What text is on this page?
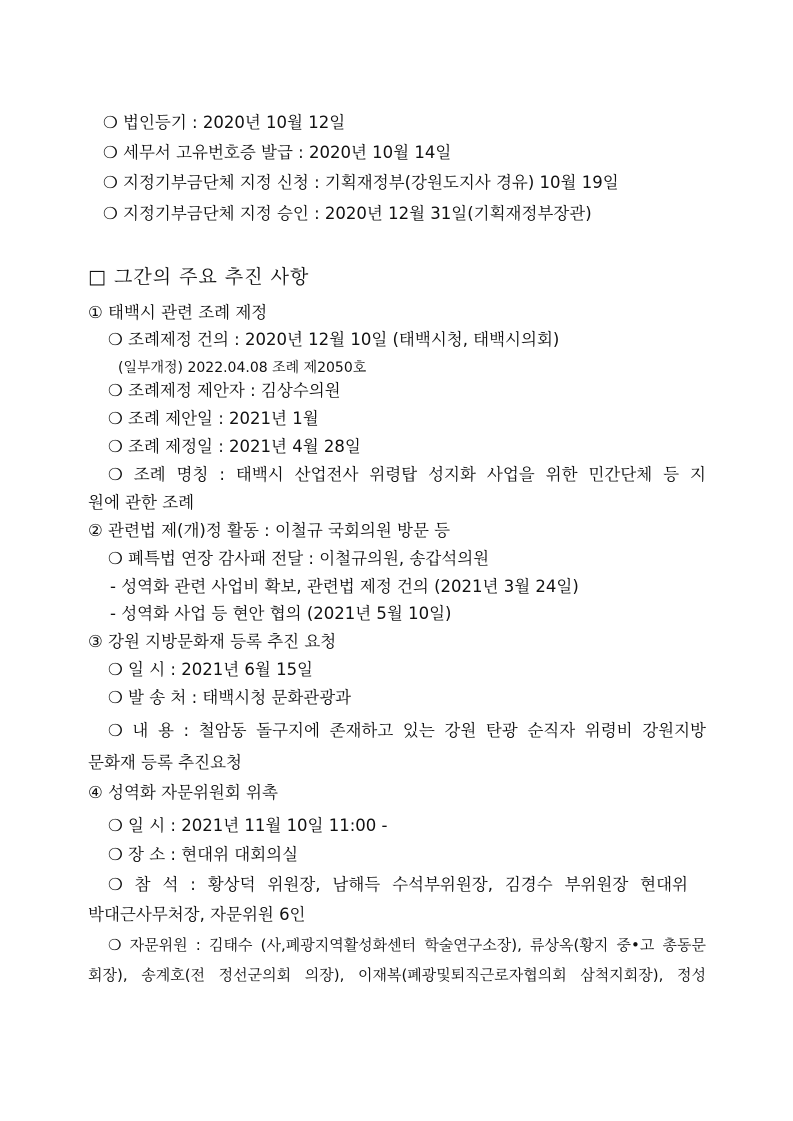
❍ 법인등기 : 2020년 10월 12일
❍ 세무서 고유번호증 발급 : 2020년 10월 14일
❍ 지정기부금단체 지정 신청 : 기획재정부(강원도지사 경유) 10월 19일
❍ 지정기부금단체 지정 승인 : 2020년 12월 31일(기획재정부장관)
□ 그간의 주요 추진 사항
① 태백시 관련 조례 제정
❍ 조례제정 건의 : 2020년 12월 10일 (태백시청, 태백시의회)
(일부개정) 2022.04.08 조례 제2050호
❍ 조례제정 제안자 : 김상수의원
❍ 조례 제안일 : 2021년 1월
❍ 조례 제정일 : 2021년 4월 28일
❍ 조례 명칭 : 태백시 산업전사 위령탑 성지화 사업을 위한 민간단체 등 지
원에 관한 조례
② 관련법 제(개)정 활동 : 이철규 국회의원 방문 등
❍ 폐특법 연장 감사패 전달 : 이철규의원, 송갑석의원
- 성역화 관련 사업비 확보, 관련법 제정 건의 (2021년 3월 24일)
- 성역화 사업 등 현안 협의 (2021년 5월 10일)
③ 강원 지방문화재 등록 추진 요청
❍ 일 시 : 2021년 6월 15일
❍ 발 송 처 : 태백시청 문화관광과
❍ 내 용 : 철암동 돌구지에 존재하고 있는 강원 탄광 순직자 위령비 강원지방
문화재 등록 추진요청
④ 성역화 자문위원회 위촉
❍ 일 시 : 2021년 11월 10일 11:00 -
❍ 장 소 : 현대위 대회의실
❍ 참 석 : 황상덕 위원장, 남해득 수석부위원장, 김경수 부위원장 현대위
박대근사무처장, 자문위원 6인
❍ 자문위원 : 김태수 (사,폐광지역활성화센터 학술연구소장), 류상옥(황지 중•고 총동문
회장), 송계호(전 정선군의회 의장), 이재복(폐광및퇴직근로자협의회 삼척지회장), 정성
